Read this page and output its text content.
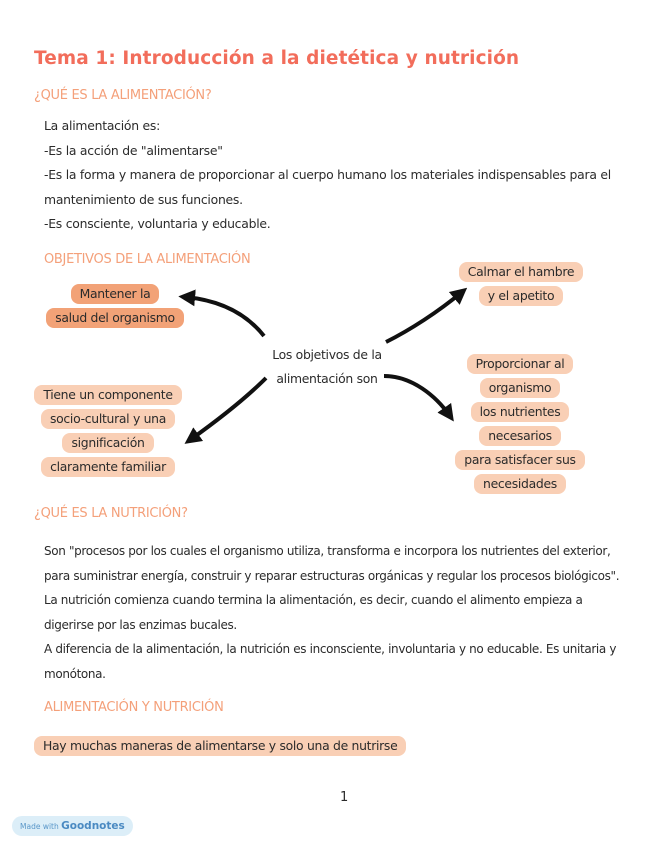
Tema 1: Introducción a la dietética y nutrición
¿QUÉ ES LA ALIMENTACIÓN?
La alimentación es:
-Es la acción de "alimentarse"
-Es la forma y manera de proporcionar al cuerpo humano los materiales indispensables para el
mantenimiento de sus funciones.
-Es consciente, voluntaria y educable.
OBJETIVOS DE LA ALIMENTACIÓN
Mantener la
salud del organismo
Tiene un componente
socio-cultural y una
significación
claramente familiar
Los objetivos de la
alimentación son
Calmar el hambre
y el apetito
Proporcionar al
organismo
los nutrientes
necesarios
para satisfacer sus
necesidades
¿QUÉ ES LA NUTRICIÓN?
Son "procesos por los cuales el organismo utiliza, transforma e incorpora los nutrientes del exterior,
para suministrar energía, construir y reparar estructuras orgánicas y regular los procesos biológicos".
La nutrición comienza cuando termina la alimentación, es decir, cuando el alimento empieza a
digerirse por las enzimas bucales.
A diferencia de la alimentación, la nutrición es inconsciente, involuntaria y no educable. Es unitaria y
monótona.
ALIMENTACIÓN Y NUTRICIÓN
Hay muchas maneras de alimentarse y solo una de nutrirse
1
Made with Goodnotes
